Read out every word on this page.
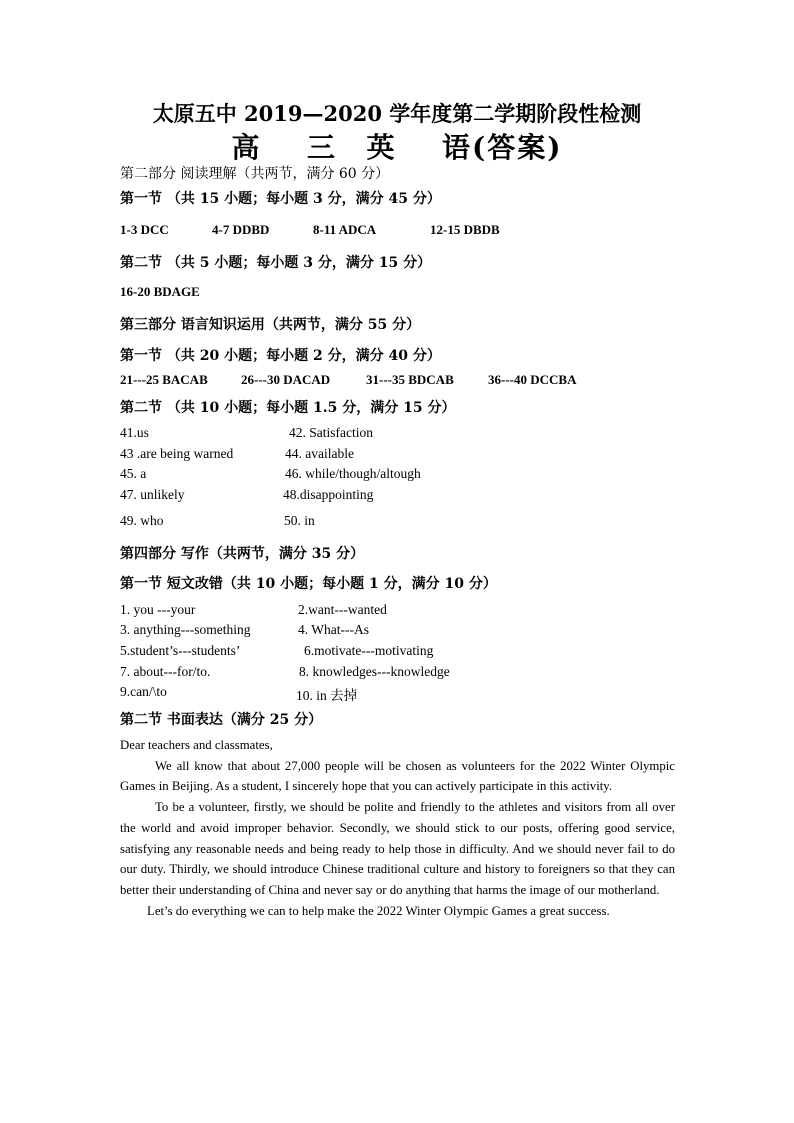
太原五中 2019—2020 学年度第二学期阶段性检测
高 三 英 语(答案)
第二部分 阅读理解（共两节，满分 60 分）
第一节 （共 15 小题；每小题 3 分，满分 45 分）
1-3 DCC	4-7 DDBD	8-11 ADCA	12-15 DBDB
第二节 （共 5 小题；每小题 3 分，满分 15 分）
16-20 BDAGE
第三部分 语言知识运用（共两节，满分 55 分）
第一节 （共 20 小题；每小题 2 分，满分 40 分）
21---25 BACAB	26---30 DACAD	31---35 BDCAB	36---40 DCCBA
第二节 （共 10 小题；每小题 1.5 分，满分 15 分）
41.us	42. Satisfaction
43 .are being warned	44. available
45. a	46. while/though/altough
47. unlikely	48.disappointing
49. who	50. in
第四部分 写作（共两节，满分 35 分）
第一节 短文改错（共 10 小题；每小题 1 分，满分 10 分）
1. you ---your	2.want---wanted
3. anything---something	4. What---As
5.student’s---students’	6.motivate---motivating
7. about---for/to.	8. knowledges---knowledge
9.can/\to	10. in 去掉
第二节 书面表达（满分 25 分）

Dear teachers and classmates,

We all know that about 27,000 people will be chosen as volunteers for the 2022 Winter Olympic Games in Beijing. As a student, I sincerely hope that you can actively participate in this activity.

To be a volunteer, firstly, we should be polite and friendly to the athletes and visitors from all over the world and avoid improper behavior. Secondly, we should stick to our posts, offering good service, satisfying any reasonable needs and being ready to help those in difficulty. And we should never fail to do our duty. Thirdly, we should introduce Chinese traditional culture and history to foreigners so that they can better their understanding of China and never say or do anything that harms the image of our motherland.

Let’s do everything we can to help make the 2022 Winter Olympic Games a great success.
